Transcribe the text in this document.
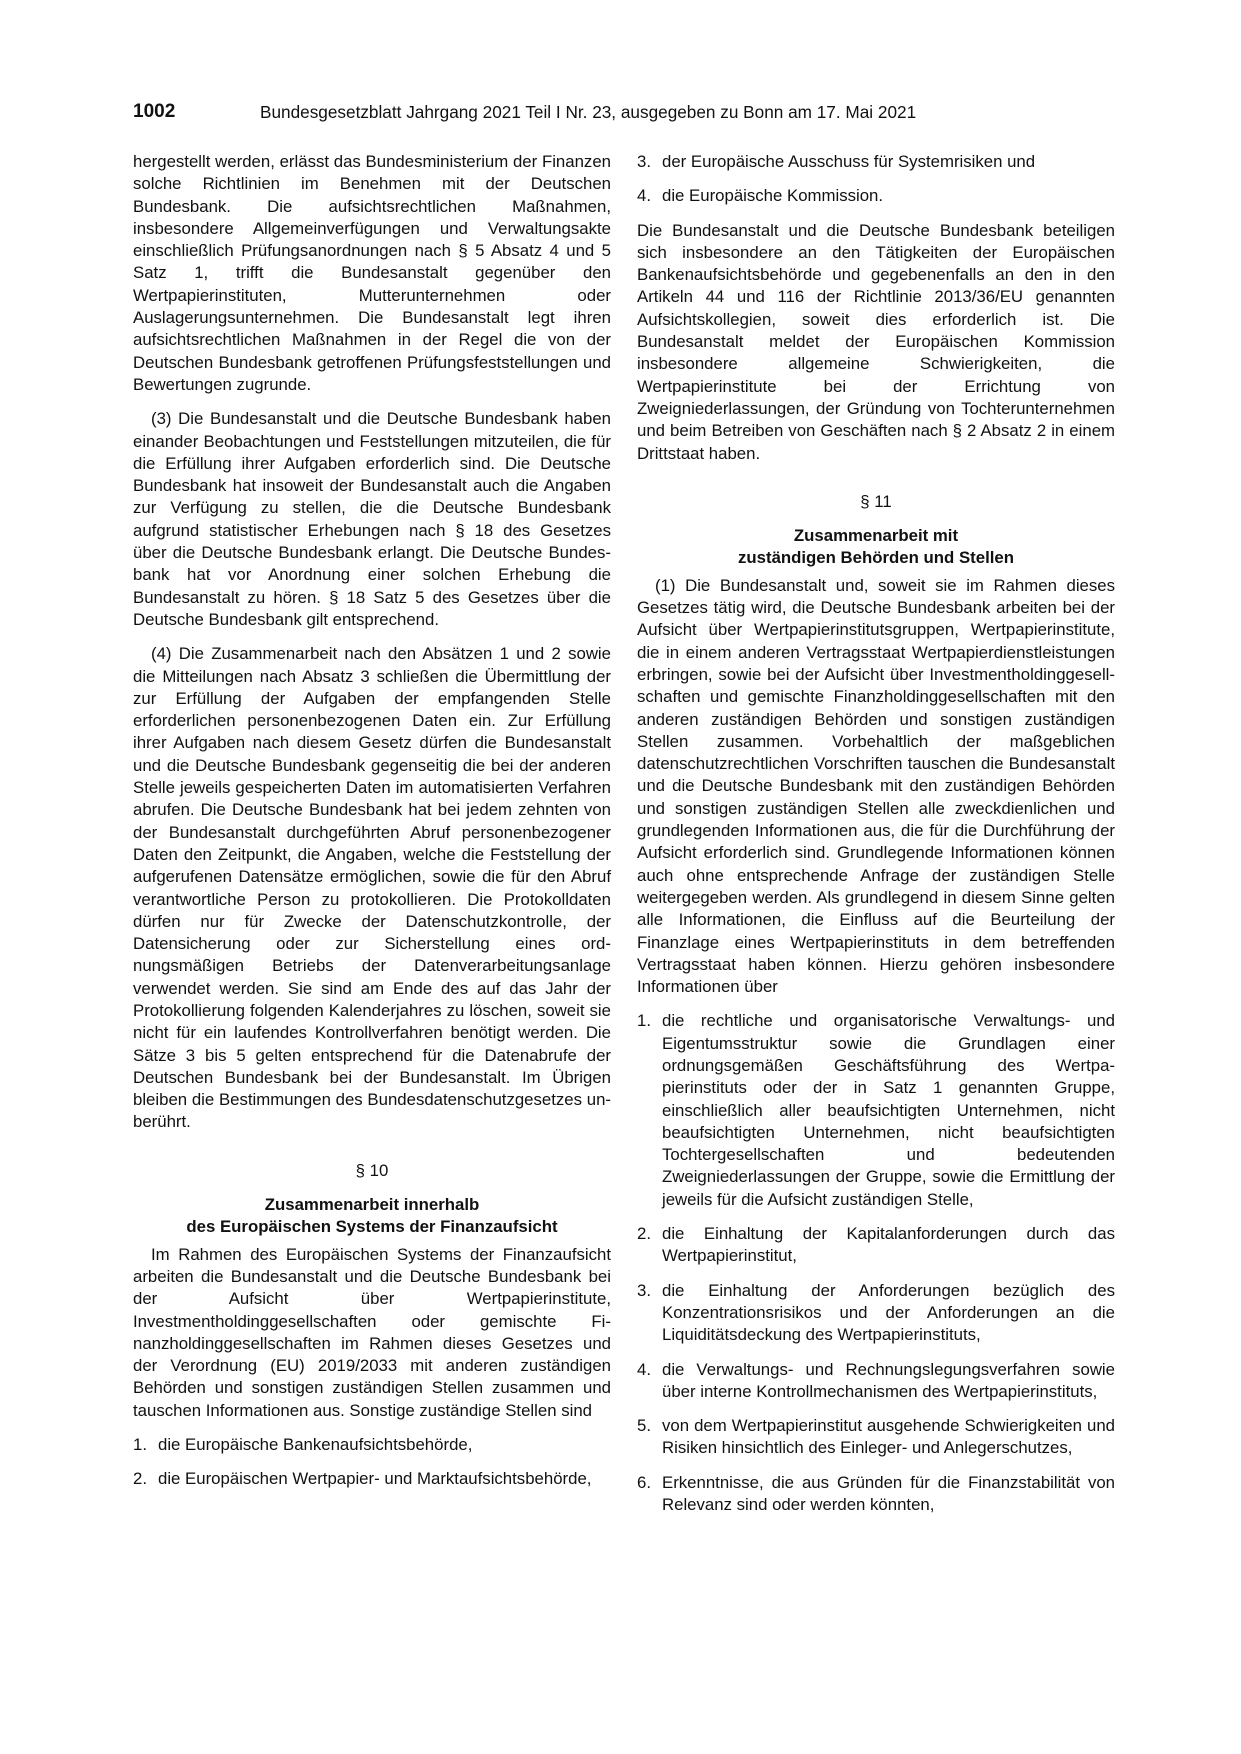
1002	Bundesgesetzblatt Jahrgang 2021 Teil I Nr. 23, ausgegeben zu Bonn am 17. Mai 2021

hergestellt werden, erlässt das Bundesministerium der Finanzen solche Richtlinien im Benehmen mit der Deutschen Bundesbank. Die aufsichtsrechtlichen Maßnahmen, insbesondere Allgemeinverfügungen und Verwaltungsakte einschließlich Prüfungsanordnungen nach § 5 Absatz 4 und 5 Satz 1, trifft die Bundesanstalt gegenüber den Wertpapierinstituten, Mutterunternehmen oder Auslagerungsunternehmen. Die Bundesanstalt legt ihren aufsichtsrechtlichen Maßnahmen in der Regel die von der Deutschen Bundesbank getroffenen Prüfungsfeststellungen und Bewertungen zugrunde.

(3) Die Bundesanstalt und die Deutsche Bundesbank haben einander Beobachtungen und Feststellungen mitzuteilen, die für die Erfüllung ihrer Aufgaben erforderlich sind. Die Deutsche Bundesbank hat insoweit der Bundesanstalt auch die Angaben zur Verfügung zu stellen, die die Deutsche Bundesbank aufgrund statistischer Erhebungen nach § 18 des Gesetzes über die Deutsche Bundesbank erlangt. Die Deutsche Bundesbank hat vor Anordnung einer solchen Erhebung die Bundesanstalt zu hören. § 18 Satz 5 des Gesetzes über die Deutsche Bundesbank gilt entsprechend.

(4) Die Zusammenarbeit nach den Absätzen 1 und 2 sowie die Mitteilungen nach Absatz 3 schließen die Übermittlung der zur Erfüllung der Aufgaben der empfangenden Stelle erforderlichen personenbezogenen Daten ein. Zur Erfüllung ihrer Aufgaben nach diesem Gesetz dürfen die Bundesanstalt und die Deutsche Bundesbank gegenseitig die bei der anderen Stelle jeweils gespeicherten Daten im automatisierten Verfahren abrufen. Die Deutsche Bundesbank hat bei jedem zehnten von der Bundesanstalt durchgeführten Abruf personenbezogener Daten den Zeitpunkt, die Angaben, welche die Feststellung der aufgerufenen Datensätze ermöglichen, sowie die für den Abruf verantwortliche Person zu protokollieren. Die Protokolldaten dürfen nur für Zwecke der Datenschutzkontrolle, der Datensicherung oder zur Sicherstellung eines ordnungsmäßigen Betriebs der Datenverarbeitungsanlage verwendet werden. Sie sind am Ende des auf das Jahr der Protokollierung folgenden Kalenderjahres zu löschen, soweit sie nicht für ein laufendes Kontrollverfahren benötigt werden. Die Sätze 3 bis 5 gelten entsprechend für die Datenabrufe der Deutschen Bundesbank bei der Bundesanstalt. Im Übrigen bleiben die Bestimmungen des Bundesdatenschutzgesetzes unberührt.

§ 10
Zusammenarbeit innerhalb
des Europäischen Systems der Finanzaufsicht

Im Rahmen des Europäischen Systems der Finanzaufsicht arbeiten die Bundesanstalt und die Deutsche Bundesbank bei der Aufsicht über Wertpapierinstitute, Investmentholdinggesellschaften oder gemischte Finanzholdinggesellschaften im Rahmen dieses Gesetzes und der Verordnung (EU) 2019/2033 mit anderen zuständigen Behörden und sonstigen zuständigen Stellen zusammen und tauschen Informationen aus. Sonstige zuständige Stellen sind

1. die Europäische Bankenaufsichtsbehörde,
2. die Europäischen Wertpapier- und Marktaufsichtsbehörde,
3. der Europäische Ausschuss für Systemrisiken und
4. die Europäische Kommission.

Die Bundesanstalt und die Deutsche Bundesbank beteiligen sich insbesondere an den Tätigkeiten der Europäischen Bankenaufsichtsbehörde und gegebenenfalls an den in den Artikeln 44 und 116 der Richtlinie 2013/36/EU genannten Aufsichtskollegien, soweit dies erforderlich ist. Die Bundesanstalt meldet der Europäischen Kommission insbesondere allgemeine Schwierigkeiten, die Wertpapierinstitute bei der Errichtung von Zweigniederlassungen, der Gründung von Tochterunternehmen und beim Betreiben von Geschäften nach § 2 Absatz 2 in einem Drittstaat haben.

§ 11
Zusammenarbeit mit
zuständigen Behörden und Stellen

(1) Die Bundesanstalt und, soweit sie im Rahmen dieses Gesetzes tätig wird, die Deutsche Bundesbank arbeiten bei der Aufsicht über Wertpapierinstitutsgruppen, Wertpapierinstitute, die in einem anderen Vertragsstaat Wertpapierdienstleistungen erbringen, sowie bei der Aufsicht über Investmentholdinggesellschaften und gemischte Finanzholdinggesellschaften mit den anderen zuständigen Behörden und sonstigen zuständigen Stellen zusammen. Vorbehaltlich der maßgeblichen datenschutzrechtlichen Vorschriften tauschen die Bundesanstalt und die Deutsche Bundesbank mit den zuständigen Behörden und sonstigen zuständigen Stellen alle zweckdienlichen und grundlegenden Informationen aus, die für die Durchführung der Aufsicht erforderlich sind. Grundlegende Informationen können auch ohne entsprechende Anfrage der zuständigen Stelle weitergegeben werden. Als grundlegend in diesem Sinne gelten alle Informationen, die Einfluss auf die Beurteilung der Finanzlage eines Wertpapierinstituts in dem betreffenden Vertragsstaat haben können. Hierzu gehören insbesondere Informationen über

1. die rechtliche und organisatorische Verwaltungs- und Eigentumsstruktur sowie die Grundlagen einer ordnungsgemäßen Geschäftsführung des Wertpapierinstituts oder der in Satz 1 genannten Gruppe, einschließlich aller beaufsichtigten Unternehmen, nicht beaufsichtigten Unternehmen, nicht beaufsichtigten Tochtergesellschaften und bedeutenden Zweigniederlassungen der Gruppe, sowie die Ermittlung der jeweils für die Aufsicht zuständigen Stelle,
2. die Einhaltung der Kapitalanforderungen durch das Wertpapierinstitut,
3. die Einhaltung der Anforderungen bezüglich des Konzentrationsrisikos und der Anforderungen an die Liquiditätsdeckung des Wertpapierinstituts,
4. die Verwaltungs- und Rechnungslegungsverfahren sowie über interne Kontrollmechanismen des Wertpapierinstituts,
5. von dem Wertpapierinstitut ausgehende Schwierigkeiten und Risiken hinsichtlich des Einleger- und Anlegerschutzes,
6. Erkenntnisse, die aus Gründen für die Finanzstabilität von Relevanz sind oder werden könnten,
